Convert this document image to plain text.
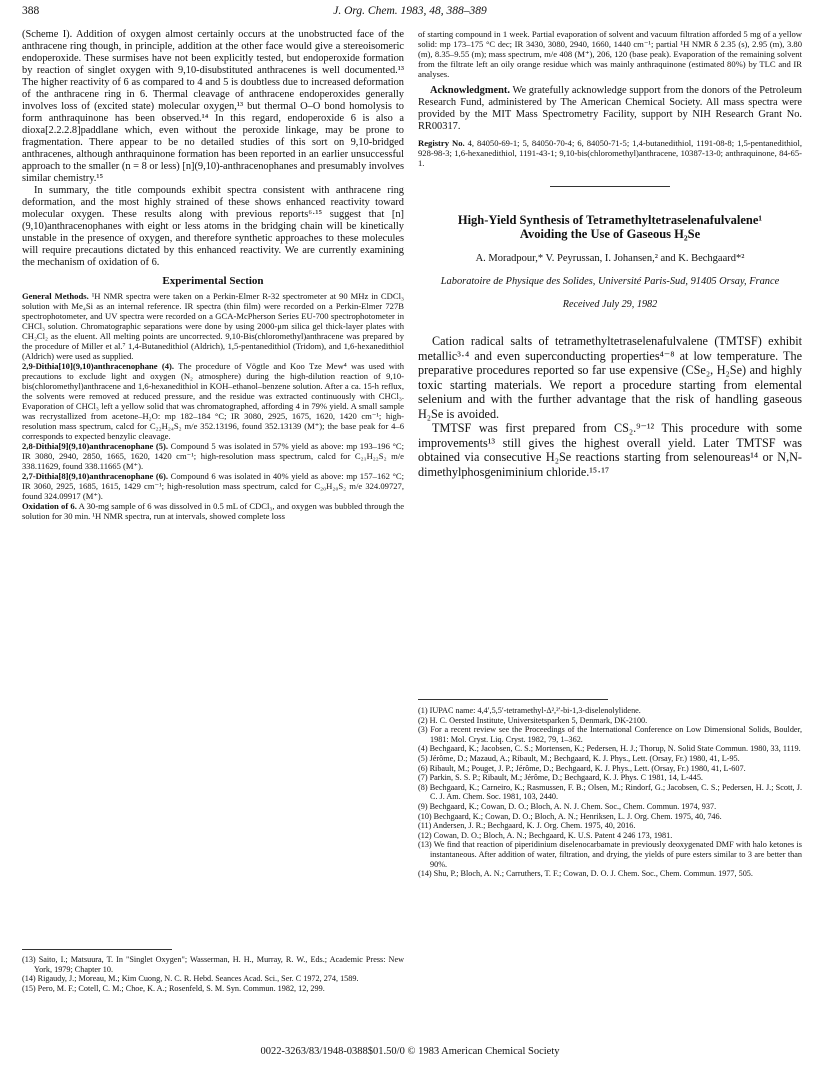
388	J. Org. Chem. 1983, 48, 388–389

(Scheme I). Addition of oxygen almost certainly occurs at the unobstructed face of the anthracene ring though, in principle, addition at the other face would give a stereoisomeric endoperoxide. These surmises have not been explicitly tested, but endoperoxide formation by reaction of singlet oxygen with 9,10-disubstituted anthracenes is well documented.¹³ The higher reactivity of 6 as compared to 4 and 5 is doubtless due to increased deformation of the anthracene ring in 6. Thermal cleavage of anthracene endoperoxides generally involves loss of (excited state) molecular oxygen,¹³ but thermal O–O bond homolysis to form anthraquinone has been observed.¹⁴ In this regard, endoperoxide 6 is also a dioxa[2.2.2.8]paddlane which, even without the peroxide linkage, may be prone to fragmentation. There appear to be no detailed studies of this sort on 9,10-bridged anthracenes, although anthraquinone formation has been reported in an earlier unsuccessful approach to the smaller (n = 8 or less) [n](9,10)-anthracenophanes and presumably involves similar chemistry.¹⁵

In summary, the title compounds exhibit spectra consistent with anthracene ring deformation, and the most highly strained of these shows enhanced reactivity toward molecular oxygen. These results along with previous reports⁶·¹⁵ suggest that [n](9,10)anthracenophanes with eight or less atoms in the bridging chain will be kinetically unstable in the presence of oxygen, and therefore synthetic approaches to these molecules will require precautions dictated by this enhanced reactivity. We are currently examining the mechanism of oxidation of 6.

Experimental Section

General Methods. ¹H NMR spectra were taken on a Perkin-Elmer R-32 spectrometer at 90 MHz in CDCl₃ solution with Me₄Si as an internal reference. IR spectra (thin film) were recorded on a Perkin-Elmer 727B spectrophotometer, and UV spectra were recorded on a GCA-McPherson Series EU-700 spectrophotometer in CHCl₃ solution. Chromatographic separations were done by using 2000-μm silica gel thick-layer plates with CH₂Cl₂ as the eluent. All melting points are uncorrected. 9,10-Bis(chloromethyl)anthracene was prepared by the procedure of Miller et al.⁷ 1,4-Butanedithiol (Aldrich), 1,5-pentanedithiol (Tridom), and 1,6-hexanedithiol (Aldrich) were used as supplied.

2,9-Dithia[10](9,10)anthracenophane (4). The procedure of Vögtle and Koo Tze Mew⁴ was used with precautions to exclude light and oxygen (N₂ atmosphere) during the high-dilution reaction of 9,10-bis(chloromethyl)anthracene and 1,6-hexanedithiol in KOH–ethanol–benzene solution. After a ca. 15-h reflux, the solvents were removed at reduced pressure, and the residue was extracted continuously with CHCl₃. Evaporation of CHCl₃ left a yellow solid that was chromatographed, affording 4 in 79% yield. A small sample was recrystallized from acetone–H₂O: mp 182–184 °C; IR 3080, 2925, 1675, 1620, 1420 cm⁻¹; high-resolution mass spectrum, calcd for C₂₂H₂₄S₂ m/e 352.13196, found 352.13139 (M⁺); the base peak for 4–6 corresponds to expected benzylic cleavage.

2,8-Dithia[9](9,10)anthracenophane (5). Compound 5 was isolated in 57% yield as above: mp 193–196 °C; IR 3080, 2940, 2850, 1665, 1620, 1420 cm⁻¹; high-resolution mass spectrum, calcd for C₂₁H₂₂S₂ m/e 338.11629, found 338.11665 (M⁺).

2,7-Dithia[8](9,10)anthracenophane (6). Compound 6 was isolated in 40% yield as above: mp 157–162 °C; IR 3060, 2925, 1685, 1615, 1429 cm⁻¹; high-resolution mass spectrum, calcd for C₂₀H₂₀S₂ m/e 324.09727, found 324.09917 (M⁺).

Oxidation of 6. A 30-mg sample of 6 was dissolved in 0.5 mL of CDCl₃, and oxygen was bubbled through the solution for 30 min. ¹H NMR spectra, run at intervals, showed complete loss

(13) Saito, I.; Matsuura, T. In "Singlet Oxygen"; Wasserman, H. H., Murray, R. W., Eds.; Academic Press: New York, 1979; Chapter 10.

(14) Rigaudy, J.; Moreau, M.; Kim Cuong, N. C. R. Hebd. Seances Acad. Sci., Ser. C 1972, 274, 1589.

(15) Pero, M. F.; Cotell, C. M.; Choe, K. A.; Rosenfeld, S. M. Syn. Commun. 1982, 12, 299.

of starting compound in 1 week. Partial evaporation of solvent and vacuum filtration afforded 5 mg of a yellow solid: mp 173–175 °C dec; IR 3430, 3080, 2940, 1660, 1440 cm⁻¹; partial ¹H NMR δ 2.35 (s), 2.95 (m), 3.80 (m), 8.35–9.55 (m); mass spectrum, m/e 408 (M⁺), 206, 120 (base peak). Evaporation of the remaining solvent from the filtrate left an oily orange residue which was mainly anthraquinone (estimated 80%) by TLC and IR analyses.

Acknowledgment. We gratefully acknowledge support from the donors of the Petroleum Research Fund, administered by The American Chemical Society. All mass spectra were provided by the MIT Mass Spectrometry Facility, support by NIH Research Grant No. RR00317.

Registry No. 4, 84050-69-1; 5, 84050-70-4; 6, 84050-71-5; 1,4-butanedithiol, 1191-08-8; 1,5-pentanedithiol, 928-98-3; 1,6-hexanedithiol, 1191-43-1; 9,10-bis(chloromethyl)anthracene, 10387-13-0; anthraquinone, 84-65-1.

High-Yield Synthesis of Tetramethyltetraselenafulvalene¹ Avoiding the Use of Gaseous H₂Se
A. Moradpour,* V. Peyrussan, I. Johansen,² and K. Bechgaard*²
Laboratoire de Physique des Solides, Université Paris-Sud, 91405 Orsay, France
Received July 29, 1982

Cation radical salts of tetramethyltetraselenafulvalene (TMTSF) exhibit metallic³·⁴ and even superconducting properties⁴⁻⁸ at low temperature. The preparative procedures reported so far use expensive (CSe₂, H₂Se) and highly toxic starting materials. We report a procedure starting from elemental selenium and with the further advantage that the risk of handling gaseous H₂Se is avoided.

TMTSF was first prepared from CS₂.⁹⁻¹² This procedure with some improvements¹³ still gives the highest overall yield. Later TMTSF was obtained via consecutive H₂Se reactions starting from selenoureas¹⁴ or N,N-dimethylphosgeniminium chloride.¹⁵·¹⁷

(1) IUPAC name: 4,4′,5,5′-tetramethyl-Δ²,²′-bi-1,3-diselenolylidene.

(2) H. C. Oersted Institute, Universitetsparken 5, Denmark, DK-2100.

(3) For a recent review see the Proceedings of the International Conference on Low Dimensional Solids, Boulder, 1981: Mol. Cryst. Liq. Cryst. 1982, 79, 1–362.

(4) Bechgaard, K.; Jacobsen, C. S.; Mortensen, K.; Pedersen, H. J.; Thorup, N. Solid State Commun. 1980, 33, 1119.

(5) Jérôme, D.; Mazaud, A.; Ribault, M.; Bechgaard, K. J. Phys., Lett. (Orsay, Fr.) 1980, 41, L-95.

(6) Ribault, M.; Pouget, J. P.; Jérôme, D.; Bechgaard, K. J. Phys., Lett. (Orsay, Fr.) 1980, 41, L-607.

(7) Parkin, S. S. P.; Ribault, M.; Jérôme, D.; Bechgaard, K. J. Phys. C 1981, 14, L-445.

(8) Bechgaard, K.; Carneiro, K.; Rasmussen, F. B.; Olsen, M.; Rindorf, G.; Jacobsen, C. S.; Pedersen, H. J.; Scott, J. C. J. Am. Chem. Soc. 1981, 103, 2440.

(9) Bechgaard, K.; Cowan, D. O.; Bloch, A. N. J. Chem. Soc., Chem. Commun. 1974, 937.

(10) Bechgaard, K.; Cowan, D. O.; Bloch, A. N.; Henriksen, L. J. Org. Chem. 1975, 40, 746.

(11) Andersen, J. R.; Bechgaard, K. J. Org. Chem. 1975, 40, 2016.

(12) Cowan, D. O.; Bloch, A. N.; Bechgaard, K. U.S. Patent 4 246 173, 1981.

(13) We find that reaction of piperidinium diselenocarbamate in previously deoxygenated DMF with halo ketones is instantaneous. After addition of water, filtration, and drying, the yields of pure esters similar to 3 are better than 90%.

(14) Shu, P.; Bloch, A. N.; Carruthers, T. F.; Cowan, D. O. J. Chem. Soc., Chem. Commun. 1977, 505.

0022-3263/83/1948-0388$01.50/0 © 1983 American Chemical Society
